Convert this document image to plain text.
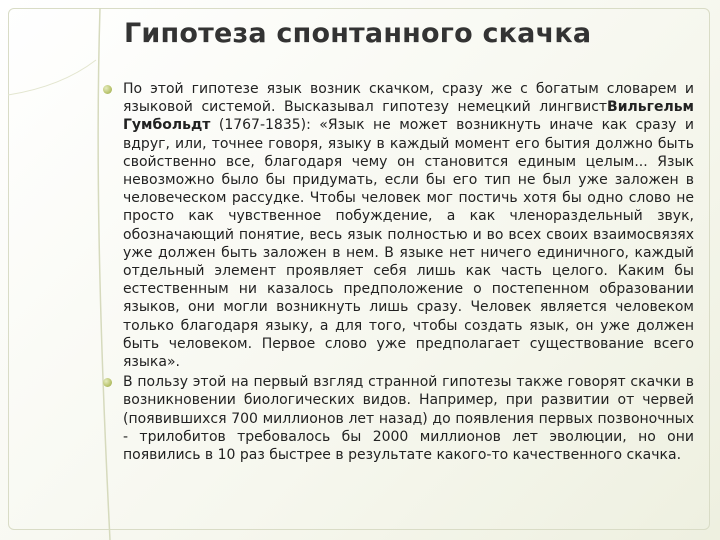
Гипотеза спонтанного скачка

По этой гипотезе язык возник скачком, сразу же с богатым словарем и языковой системой. Высказывал гипотезу немецкий лингвистВильгельм Гумбольдт (1767-1835): «Язык не может возникнуть иначе как сразу и вдруг, или, точнее говоря, языку в каждый момент его бытия должно быть свойственно все, благодаря чему он становится единым целым... Язык невозможно было бы придумать, если бы его тип не был уже заложен в человеческом рассудке. Чтобы человек мог постичь хотя бы одно слово не просто как чувственное побуждение, а как членораздельный звук, обозначающий понятие, весь язык полностью и во всех своих взаимосвязях уже должен быть заложен в нем. В языке нет ничего единичного, каждый отдельный элемент проявляет себя лишь как часть целого. Каким бы естественным ни казалось предположение о постепенном образовании языков, они могли возникнуть лишь сразу. Человек является человеком только благодаря языку, а для того, чтобы создать язык, он уже должен быть человеком. Первое слово уже предполагает существование всего языка».

В пользу этой на первый взгляд странной гипотезы также говорят скачки в возникновении биологических видов. Например, при развитии от червей (появившихся 700 миллионов лет назад) до появления первых позвоночных - трилобитов требовалось бы 2000 миллионов лет эволюции, но они появились в 10 раз быстрее в результате какого-то качественного скачка.
